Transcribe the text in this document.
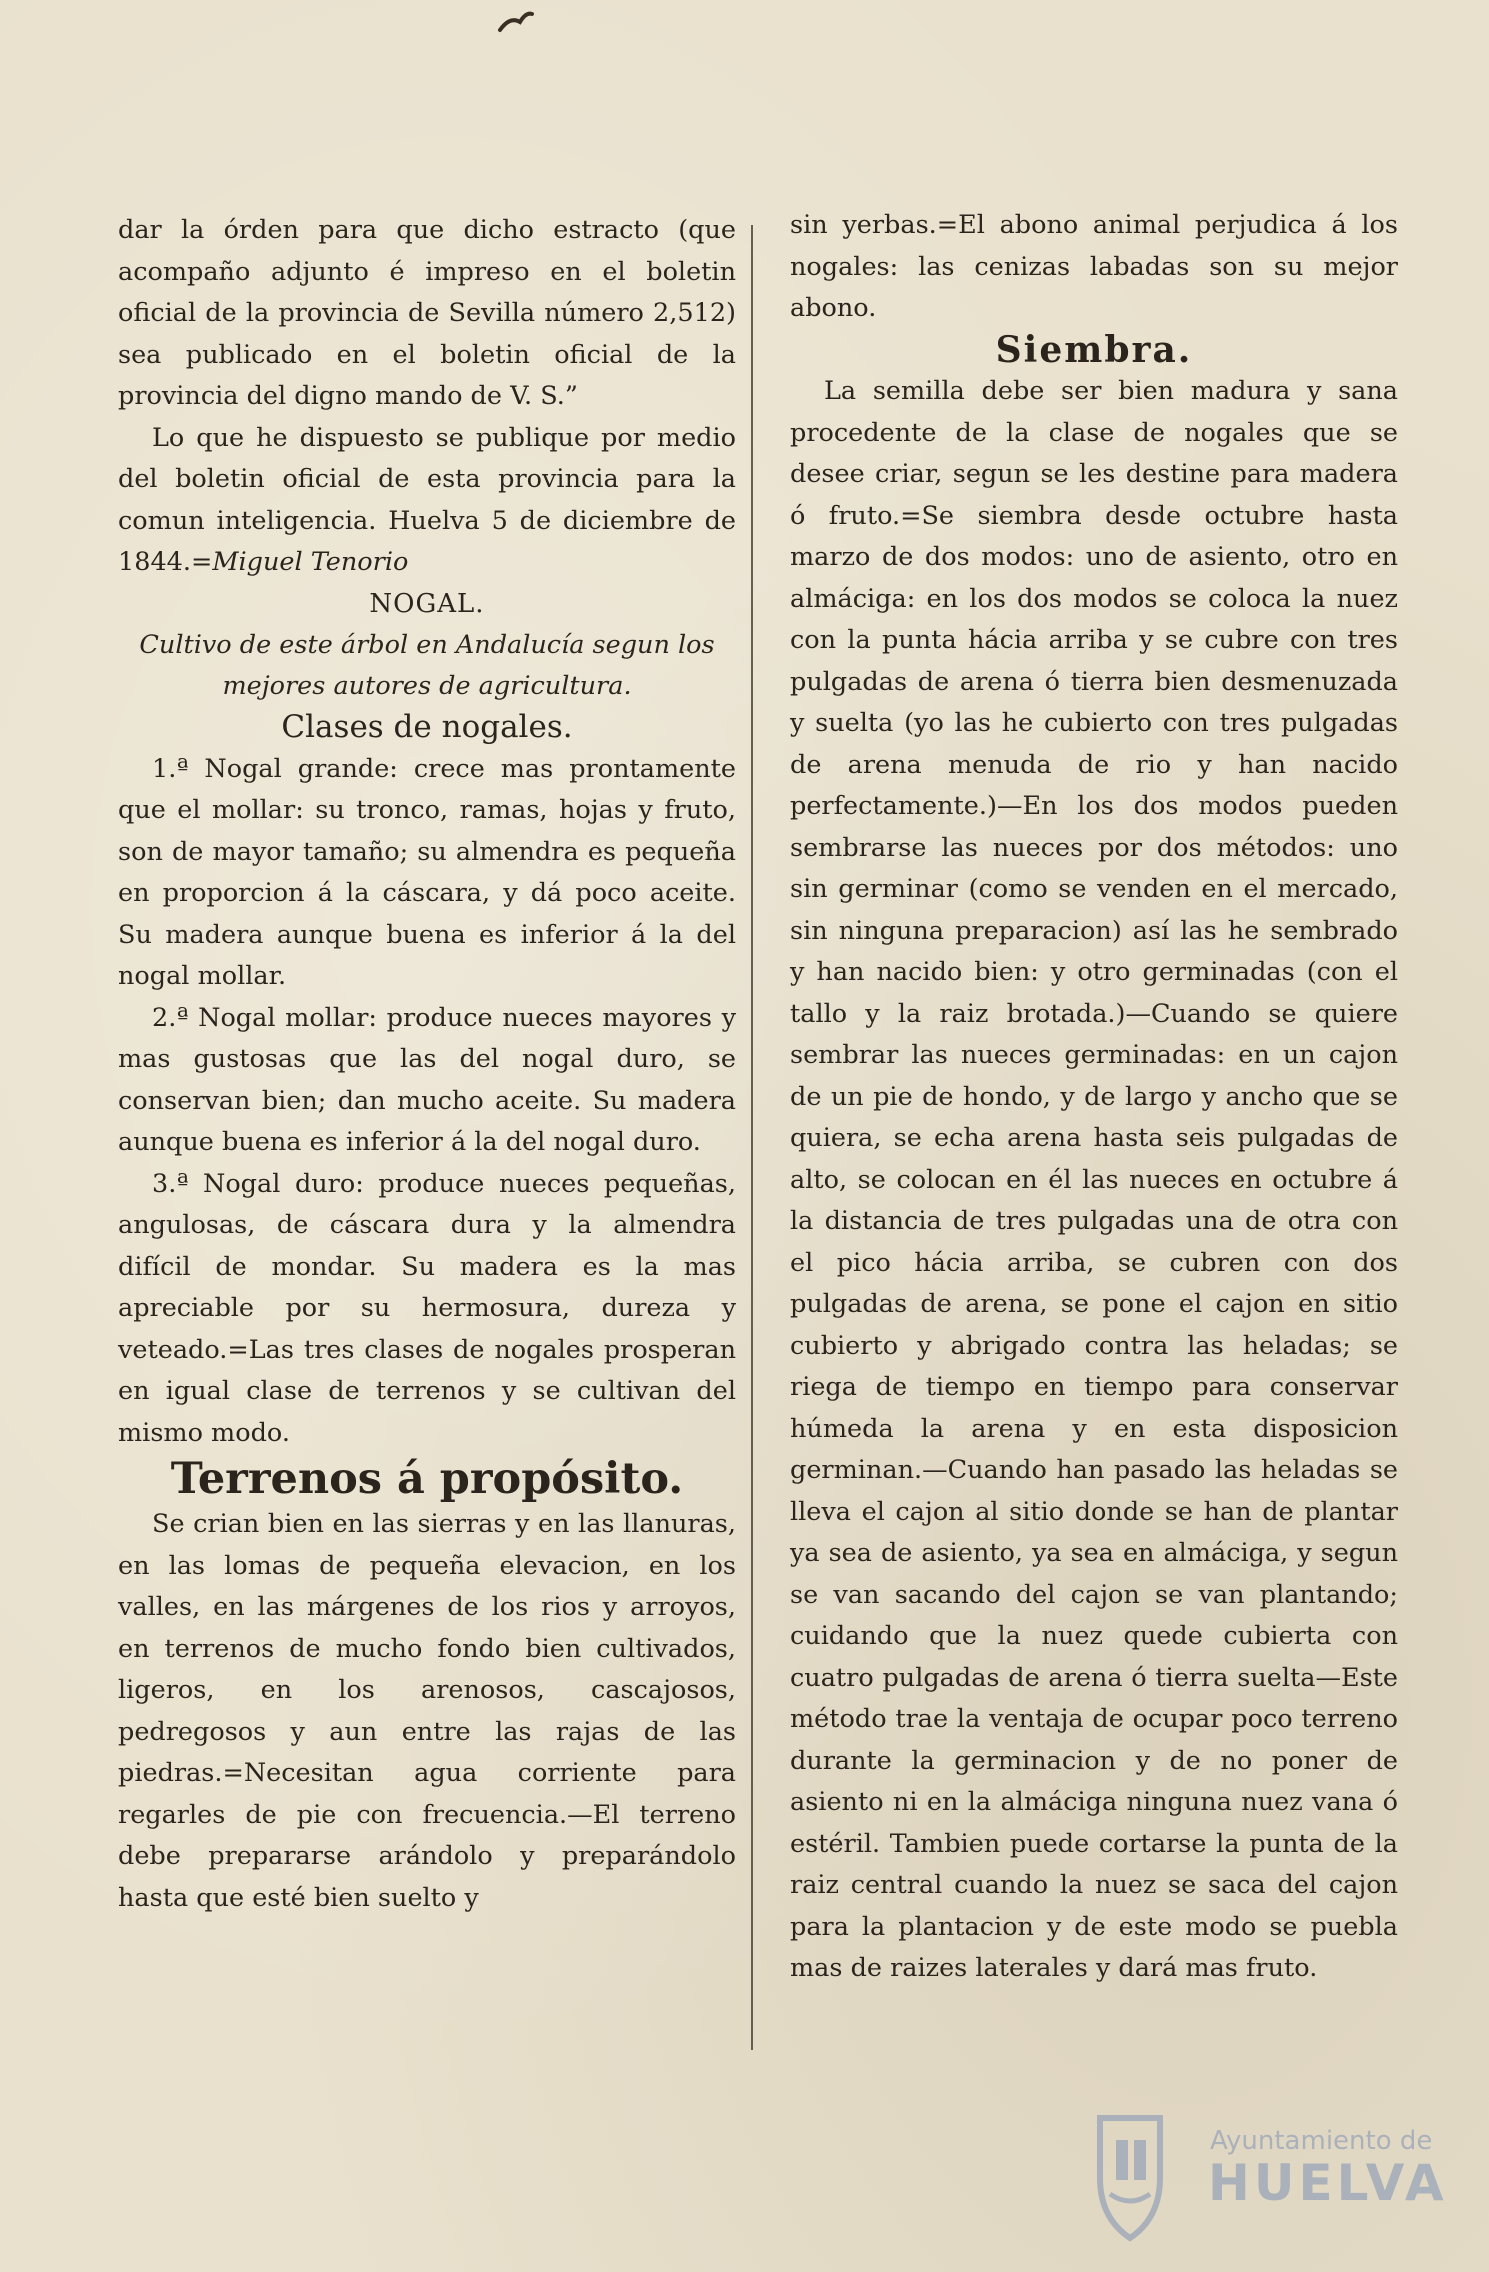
dar la órden para que dicho estracto (que acompaño adjunto é impreso en el boletin oficial de la provincia de Sevilla número 2,512) sea publicado en el boletin oficial de la provincia del digno mando de V. S.”

Lo que he dispuesto se publique por medio del boletin oficial de esta provincia para la comun inteligencia. Huelva 5 de diciembre de 1844.=Miguel Tenorio

NOGAL.

Cultivo de este árbol en Andalucía segun los mejores autores de agricultura.

Clases de nogales.

1.ª Nogal grande: crece mas prontamente que el mollar: su tronco, ramas, hojas y fruto, son de mayor tamaño; su almendra es pequeña en proporcion á la cáscara, y dá poco aceite. Su madera aunque buena es inferior á la del nogal mollar.

2.ª Nogal mollar: produce nueces mayores y mas gustosas que las del nogal duro, se conservan bien; dan mucho aceite. Su madera aunque buena es inferior á la del nogal duro.

3.ª Nogal duro: produce nueces pequeñas, angulosas, de cáscara dura y la almendra difícil de mondar. Su madera es la mas apreciable por su hermosura, dureza y veteado.=Las tres clases de nogales prosperan en igual clase de terrenos y se cultivan del mismo modo.

Terrenos á propósito.

Se crian bien en las sierras y en las llanuras, en las lomas de pequeña elevacion, en los valles, en las márgenes de los rios y arroyos, en terrenos de mucho fondo bien cultivados, ligeros, en los arenosos, cascajosos, pedregosos y aun entre las rajas de las piedras.=Necesitan agua corriente para regarles de pie con frecuencia.—El terreno debe prepararse arándolo y preparándolo hasta que esté bien suelto y

sin yerbas.=El abono animal perjudica á los nogales: las cenizas labadas son su mejor abono.

Siembra.

La semilla debe ser bien madura y sana procedente de la clase de nogales que se desee criar, segun se les destine para madera ó fruto.=Se siembra desde octubre hasta marzo de dos modos: uno de asiento, otro en almáciga: en los dos modos se coloca la nuez con la punta hácia arriba y se cubre con tres pulgadas de arena ó tierra bien desmenuzada y suelta (yo las he cubierto con tres pulgadas de arena menuda de rio y han nacido perfectamente.)—En los dos modos pueden sembrarse las nueces por dos métodos: uno sin germinar (como se venden en el mercado, sin ninguna preparacion) así las he sembrado y han nacido bien: y otro germinadas (con el tallo y la raiz brotada.)—Cuando se quiere sembrar las nueces germinadas: en un cajon de un pie de hondo, y de largo y ancho que se quiera, se echa arena hasta seis pulgadas de alto, se colocan en él las nueces en octubre á la distancia de tres pulgadas una de otra con el pico hácia arriba, se cubren con dos pulgadas de arena, se pone el cajon en sitio cubierto y abrigado contra las heladas; se riega de tiempo en tiempo para conservar húmeda la arena y en esta disposicion germinan.—Cuando han pasado las heladas se lleva el cajon al sitio donde se han de plantar ya sea de asiento, ya sea en almáciga, y segun se van sacando del cajon se van plantando; cuidando que la nuez quede cubierta con cuatro pulgadas de arena ó tierra suelta—Este método trae la ventaja de ocupar poco terreno durante la germinacion y de no poner de asiento ni en la almáciga ninguna nuez vana ó estéril. Tambien puede cortarse la punta de la raiz central cuando la nuez se saca del cajon para la plantacion y de este modo se puebla mas de raizes laterales y dará mas fruto.

Ayuntamiento de
HUELVA
